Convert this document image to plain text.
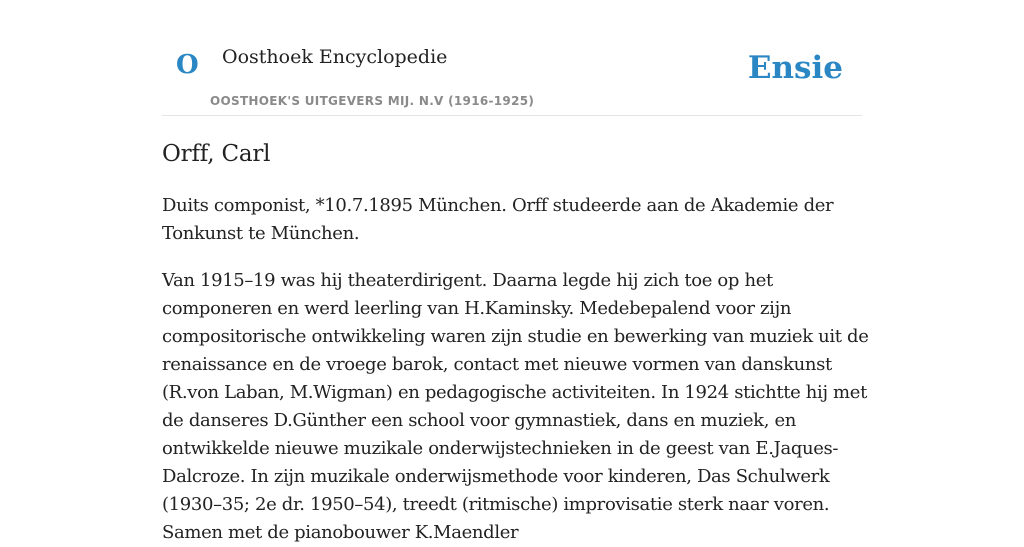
O Oosthoek Encyclopedie
OOSTHOEK'S UITGEVERS MIJ. N.V (1916-1925)
Ensie
Orff, Carl

Duits componist, *10.7.1895 München. Orff studeerde aan de Akademie der Tonkunst te München.

Van 1915–19 was hij theaterdirigent. Daarna legde hij zich toe op het componeren en werd leerling van H.Kaminsky. Medebepalend voor zijn compositorische ontwikkeling waren zijn studie en bewerking van muziek uit de renaissance en de vroege barok, contact met nieuwe vormen van danskunst (R.von Laban, M.Wigman) en pedagogische activiteiten. In 1924 stichtte hij met de danseres D.Günther een school voor gymnastiek, dans en muziek, en ontwikkelde nieuwe muzikale onderwijstechnieken in de geest van E.Jaques-Dalcroze. In zijn muzikale onderwijsmethode voor kinderen, Das Schulwerk (1930–35; 2e dr. 1950–54), treedt (ritmische) improvisatie sterk naar voren. Samen met de pianobouwer K.Maendler
